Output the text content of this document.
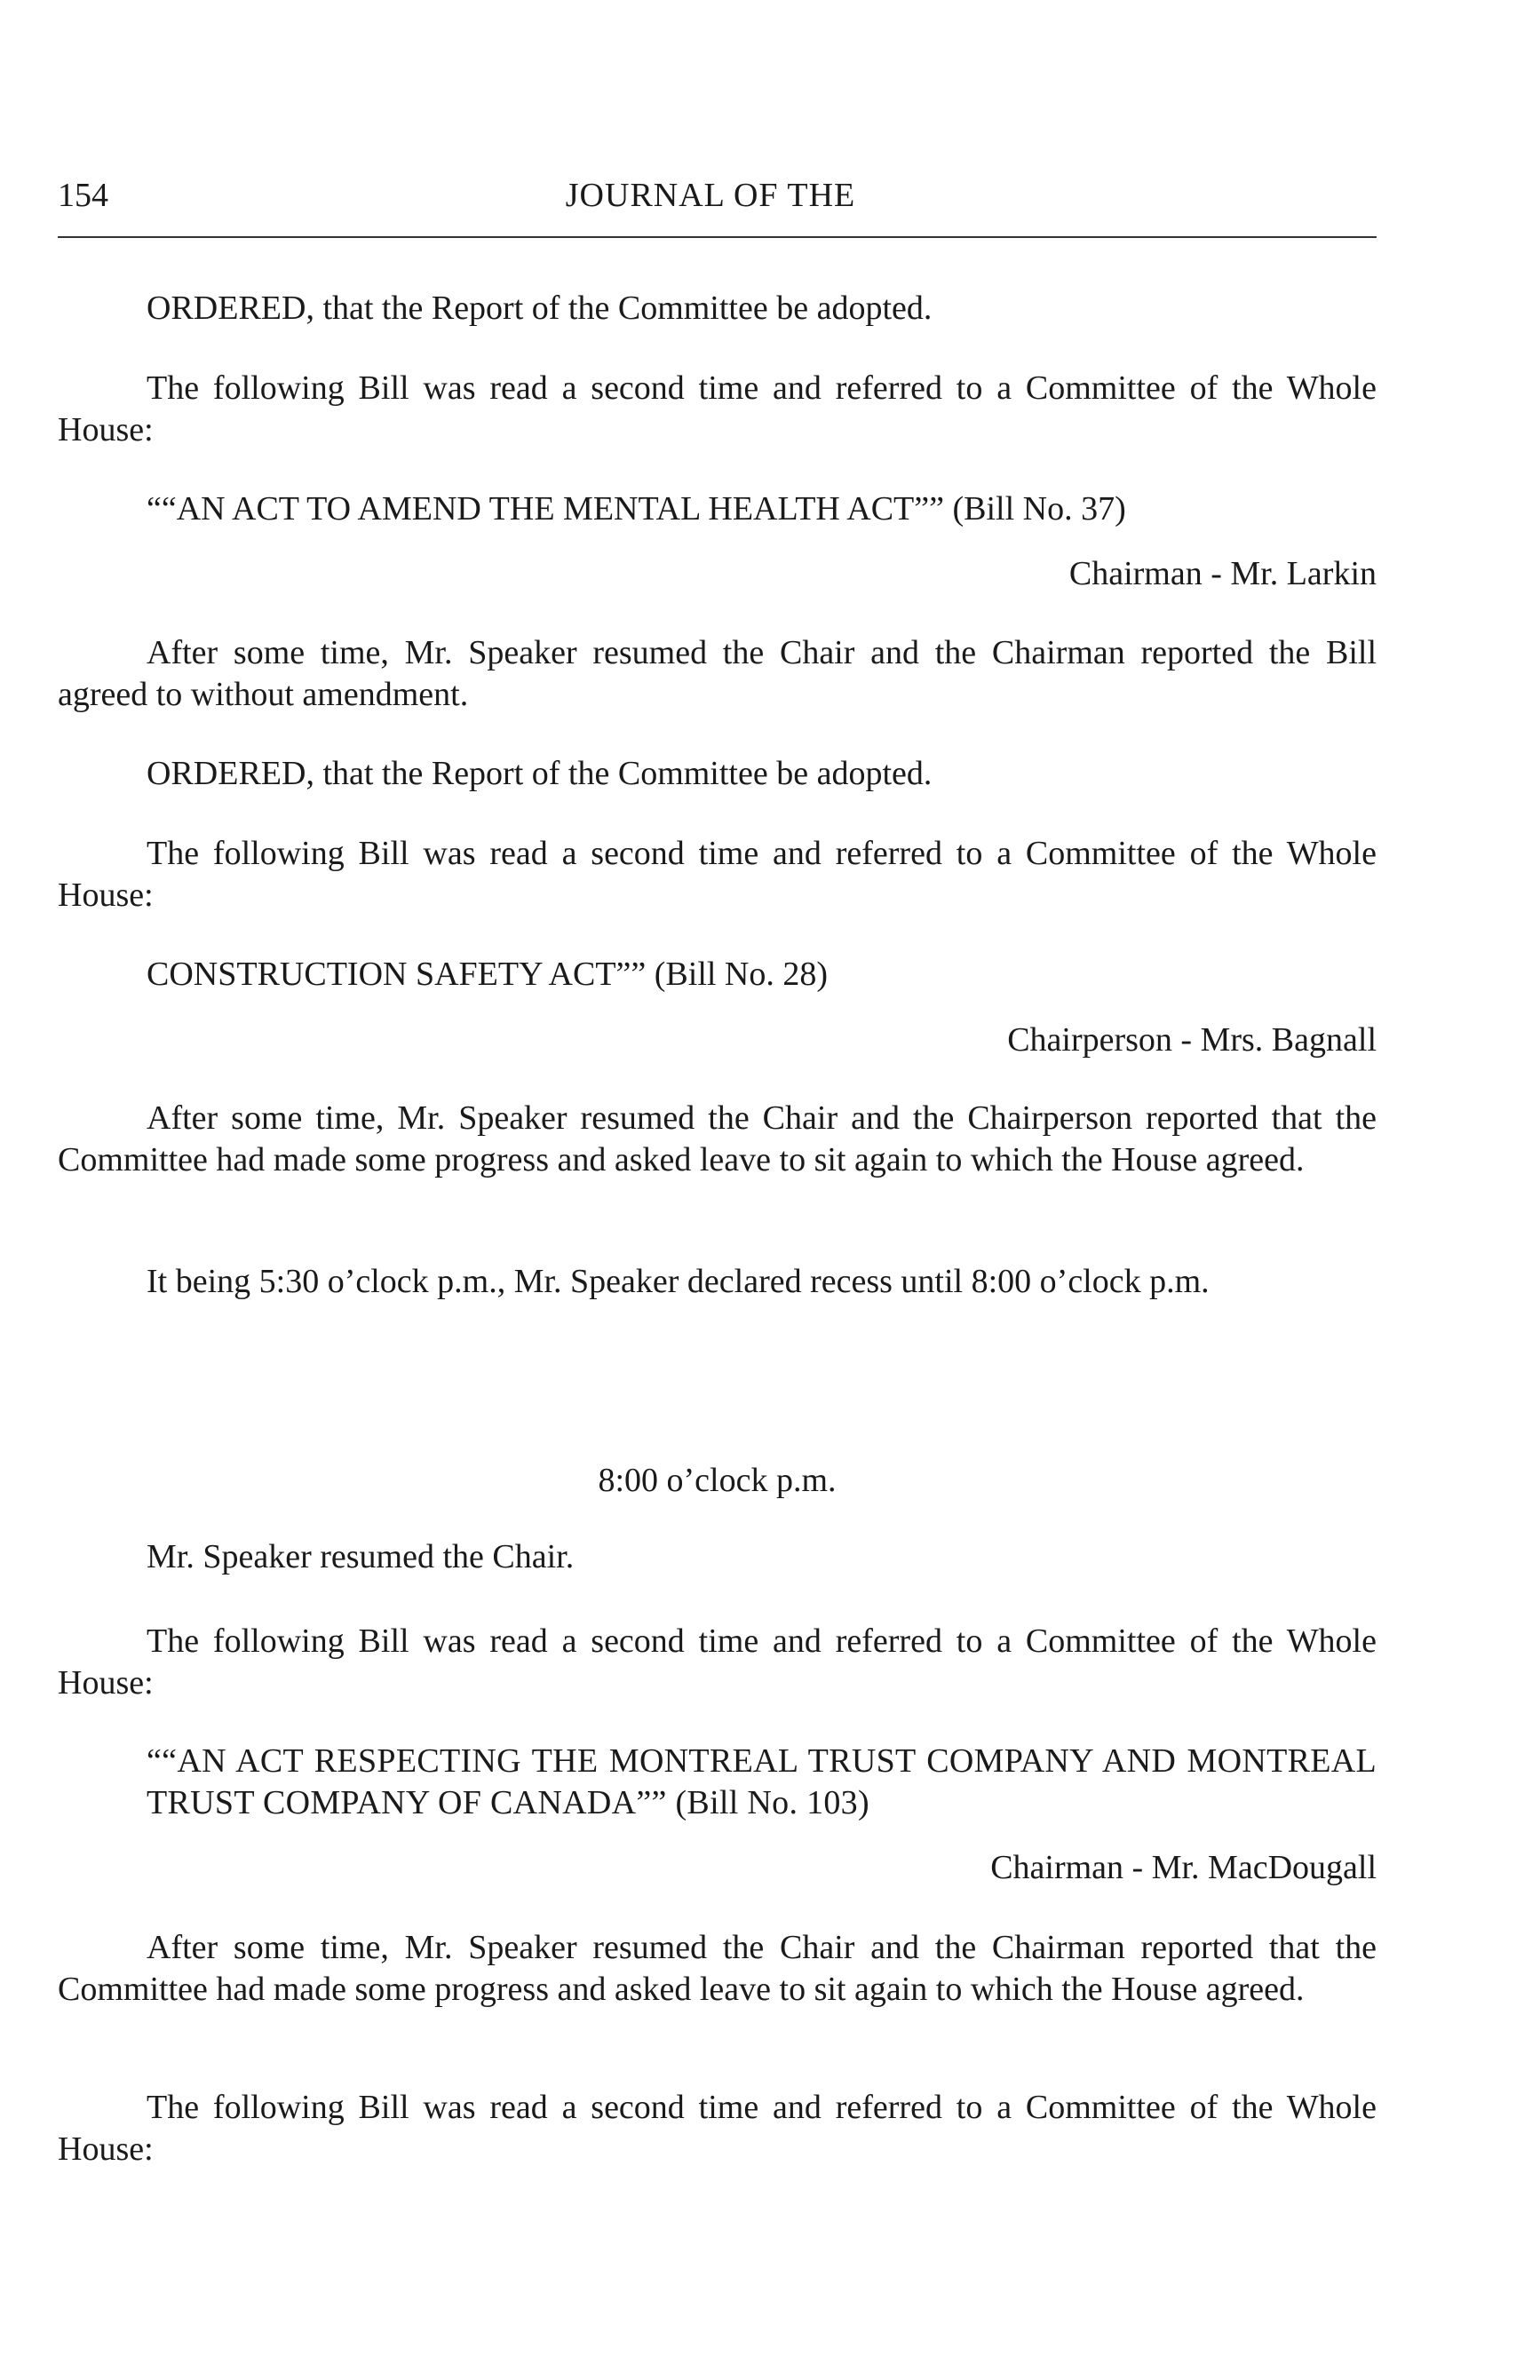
154	JOURNAL OF THE
ORDERED, that the Report of the Committee be adopted.
The following Bill was read a second time and referred to a Committee of the Whole House:
““AN ACT TO AMEND THE MENTAL HEALTH ACT”” (Bill No. 37)
Chairman - Mr. Larkin
After some time, Mr. Speaker resumed the Chair and the Chairman reported the Bill agreed to without amendment.
ORDERED, that the Report of the Committee be adopted.
The following Bill was read a second time and referred to a Committee of the Whole House:
CONSTRUCTION SAFETY ACT”” (Bill No. 28)
Chairperson - Mrs. Bagnall
After some time, Mr. Speaker resumed the Chair and the Chairperson reported that the Committee had made some progress and asked leave to sit again to which the House agreed.
It being 5:30 o’clock p.m., Mr. Speaker declared recess until 8:00 o’clock p.m.
8:00 o’clock p.m.
Mr. Speaker resumed the Chair.
The following Bill was read a second time and referred to a Committee of the Whole House:
““AN ACT RESPECTING THE MONTREAL TRUST COMPANY AND MONTREAL TRUST COMPANY OF CANADA”” (Bill No. 103)
Chairman - Mr. MacDougall
After some time, Mr. Speaker resumed the Chair and the Chairman reported that the Committee had made some progress and asked leave to sit again to which the House agreed.
The following Bill was read a second time and referred to a Committee of the Whole House:
